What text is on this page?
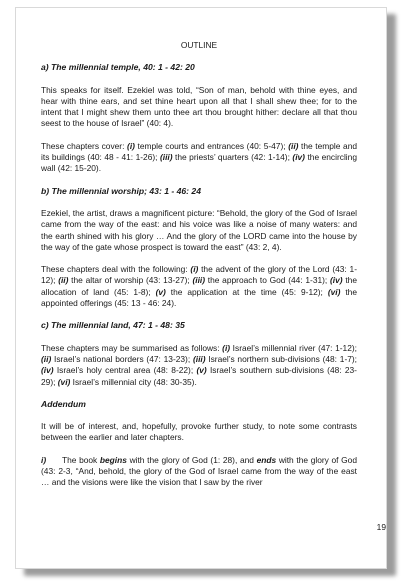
OUTLINE
a) The millennial temple, 40: 1 - 42: 20

This speaks for itself. Ezekiel was told, “Son of man, behold with thine eyes, and hear with thine ears, and set thine heart upon all that I shall shew thee; for to the intent that I might shew them unto thee art thou brought hither: declare all that thou seest to the house of Israel” (40: 4).

These chapters cover: (i) temple courts and entrances (40: 5-47); (ii) the temple and its buildings (40: 48 - 41: 1-26); (iii) the priests’ quarters (42: 1-14); (iv) the encircling wall (42: 15-20).

b) The millennial worship; 43: 1 - 46: 24

Ezekiel, the artist, draws a magnificent picture: “Behold, the glory of the God of Israel came from the way of the east: and his voice was like a noise of many waters: and the earth shined with his glory … And the glory of the LORD came into the house by the way of the gate whose prospect is toward the east” (43: 2, 4).

These chapters deal with the following: (i) the advent of the glory of the Lord (43: 1-12); (ii) the altar of worship (43: 13-27); (iii) the approach to God (44: 1-31); (iv) the allocation of land (45: 1-8); (v) the application at the time (45: 9-12); (vi) the appointed offerings (45: 13 - 46: 24).

c) The millennial land, 47: 1 - 48: 35

These chapters may be summarised as follows: (i) Israel’s millennial river (47: 1-12); (ii) Israel’s national borders (47: 13-23); (iii) Israel’s northern sub-divisions (48: 1-7); (iv) Israel’s holy central area (48: 8-22); (v) Israel’s southern sub-divisions (48: 23-29); (vi) Israel’s millennial city (48: 30-35).

Addendum

It will be of interest, and, hopefully, provoke further study, to note some contrasts between the earlier and later chapters.

i)      The book begins with the glory of God (1: 28), and ends with the glory of God (43: 2-3, “And, behold, the glory of the God of Israel came from the way of the east … and the visions were like the vision that I saw by the river

19
